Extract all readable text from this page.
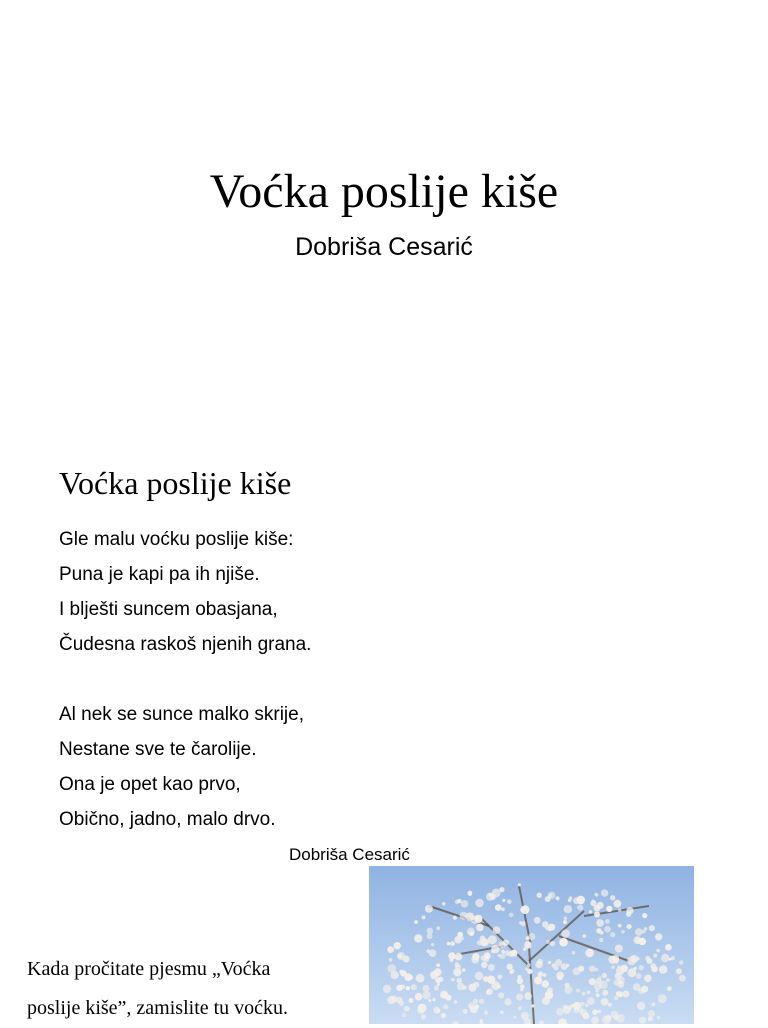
Voćka poslije kiše
Dobriša Cesarić
Voćka poslije kiše
Gle malu voćku poslije kiše:
Puna je kapi pa ih njiše.
I blješti suncem obasjana,
Čudesna raskoš njenih grana.
Al nek se sunce malko skrije,
Nestane sve te čarolije.
Ona je opet kao prvo,
Obično, jadno, malo drvo.
Dobriša Cesarić
Kada pročitate pjesmu „Voćka
poslije kiše”, zamislite tu voćku.
